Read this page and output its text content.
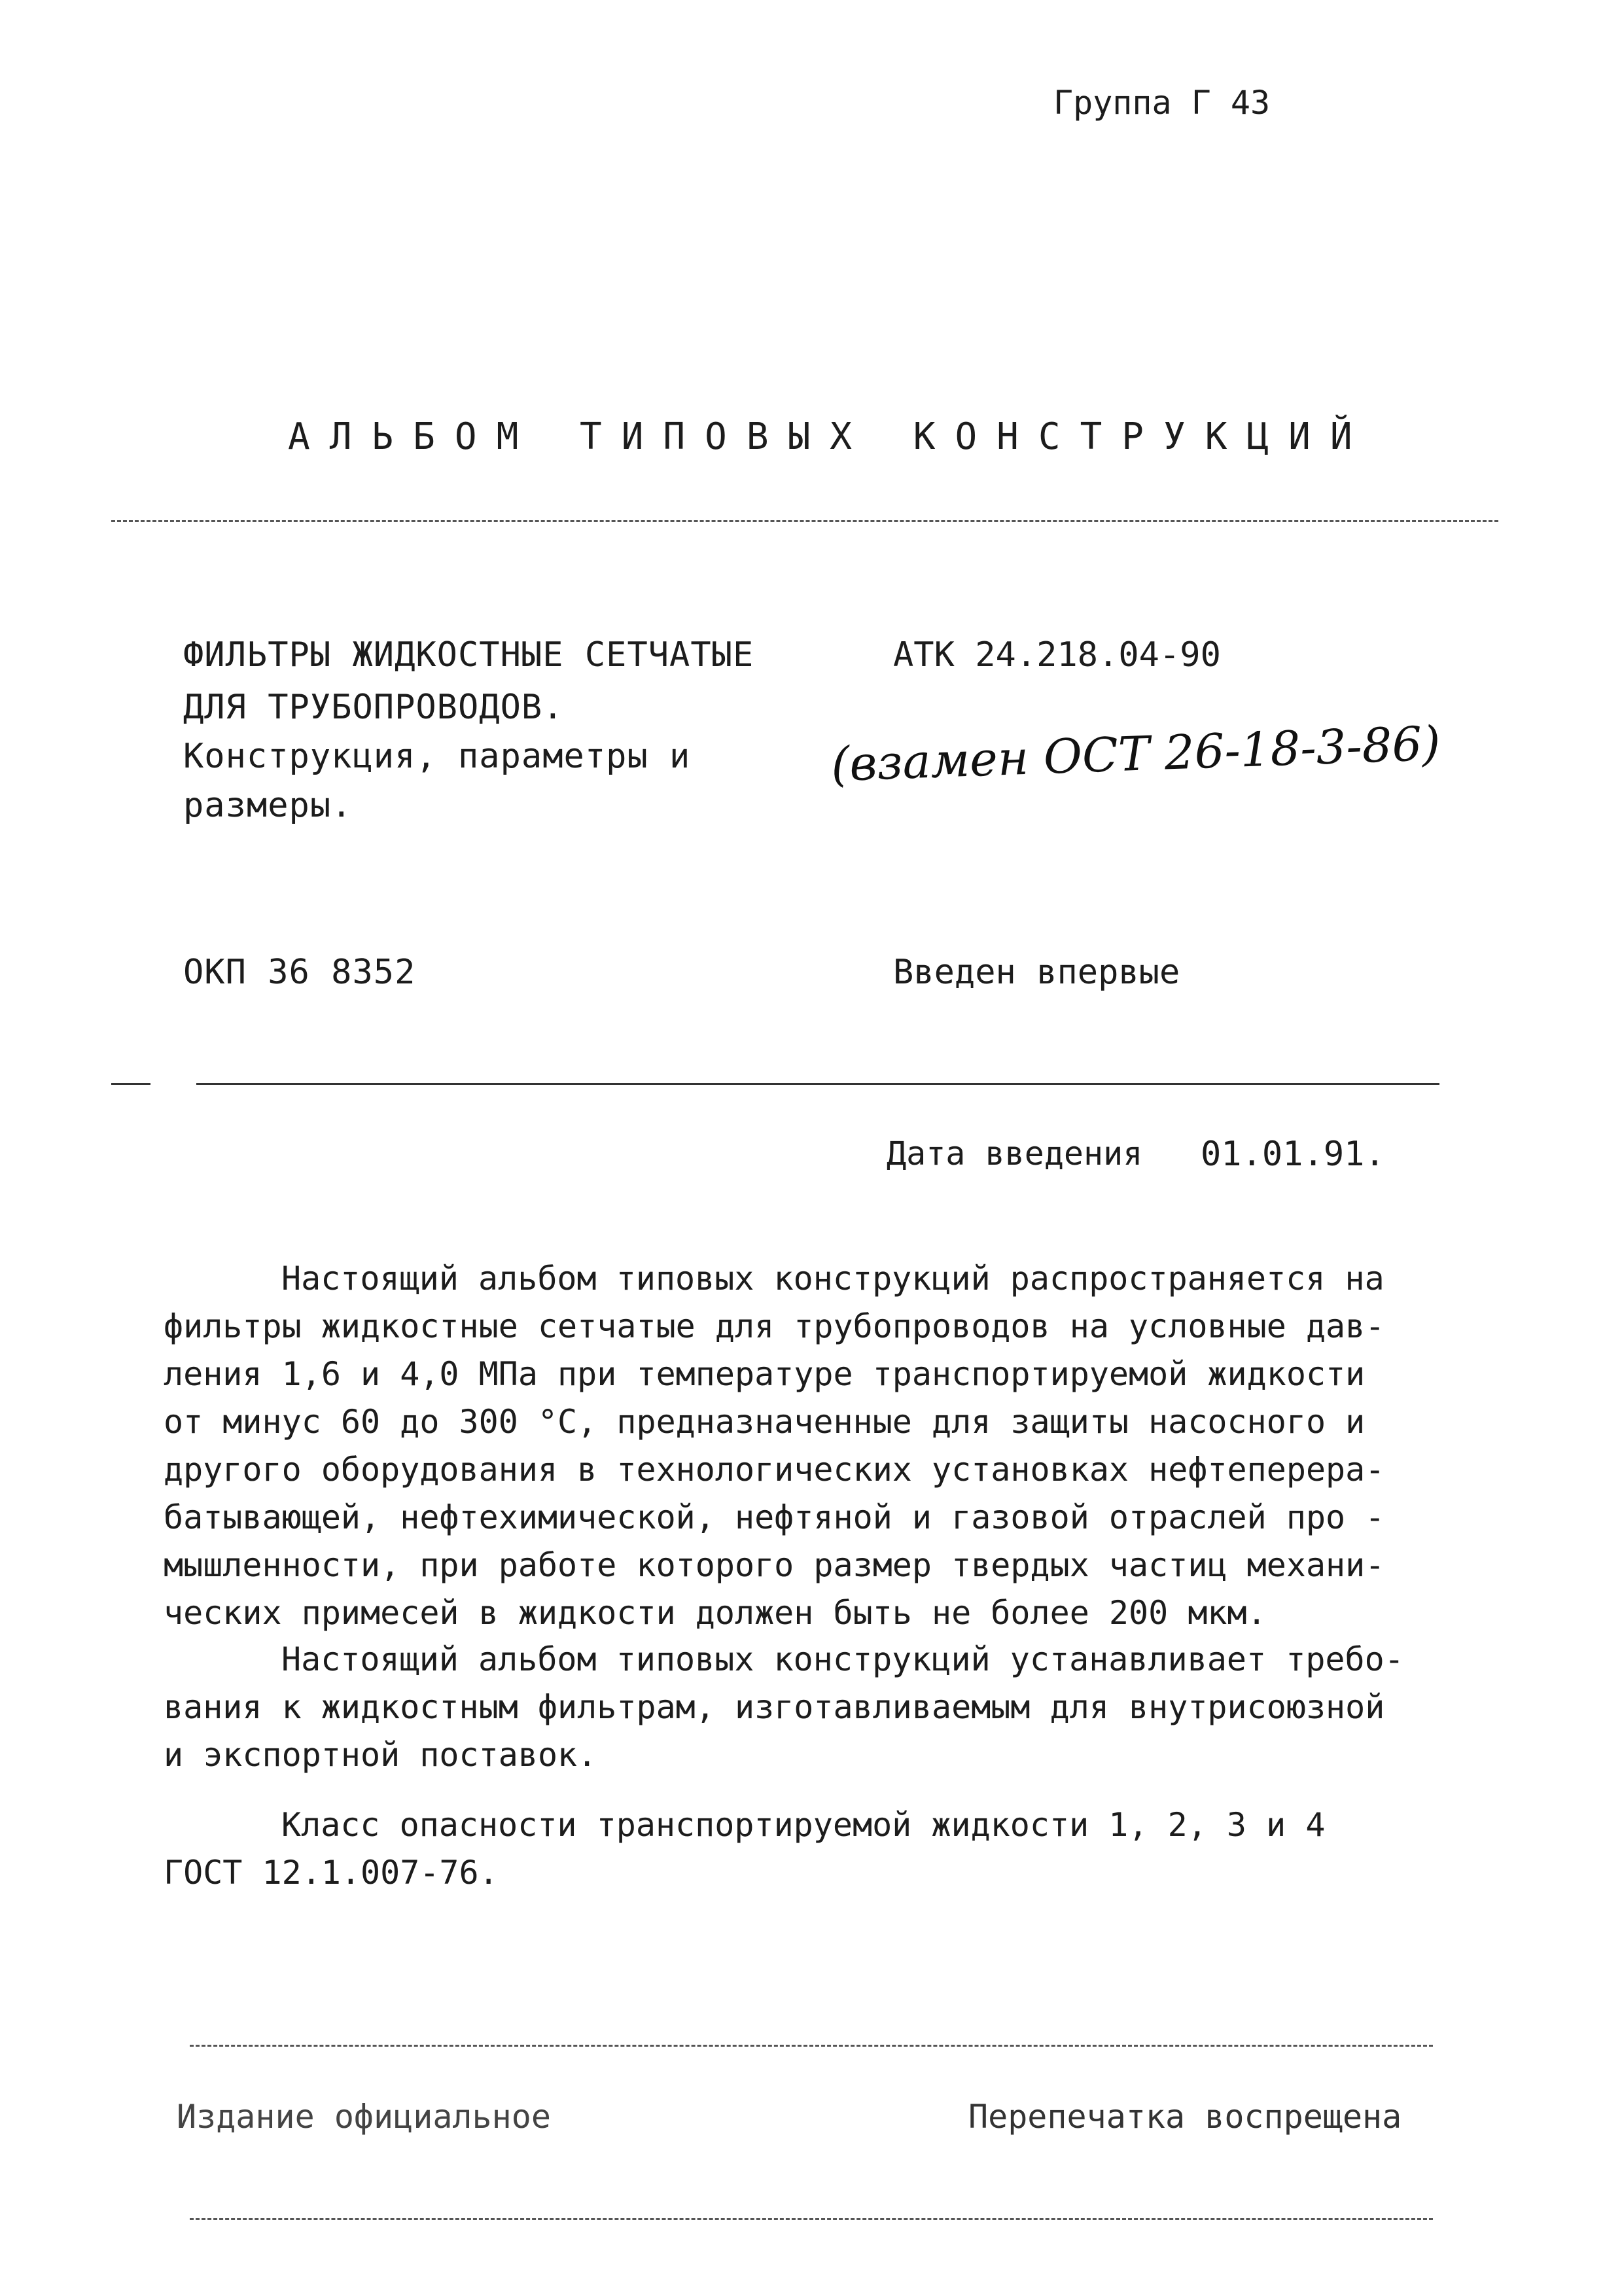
Группа Г 43
АЛЬБОМ ТИПОВЫХ КОНСТРУКЦИЙ
ФИЛЬТРЫ ЖИДКОСТНЫЕ СЕТЧАТЫЕ
ДЛЯ ТРУБОПРОВОДОВ.
Конструкция, параметры и
размеры.
АТК 24.218.04-90
(взамен ОСТ 26-18-3-86)
ОКП 36 8352	Введен впервые
Дата введения 01.01.91.
Настоящий альбом типовых конструкций распространяется на
фильтры жидкостные сетчатые для трубопроводов на условные дав-
ления 1,6 и 4,0 МПа при температуре транспортируемой жидкости
от минус 60 до 300 °С, предназначенные для защиты насосного и
другого оборудования в технологических установках нефтеперера-
батывающей, нефтехимической, нефтяной и газовой отраслей про -
мышленности, при работе которого размер твердых частиц механи-
ческих примесей в жидкости должен быть не более 200 мкм.
Настоящий альбом типовых конструкций устанавливает требо-
вания к жидкостным фильтрам, изготавливаемым для внутрисоюзной
и экспортной поставок.
Класс опасности транспортируемой жидкости 1, 2, 3 и 4
ГОСТ 12.1.007-76.
Издание официальное	Перепечатка воспрещена
